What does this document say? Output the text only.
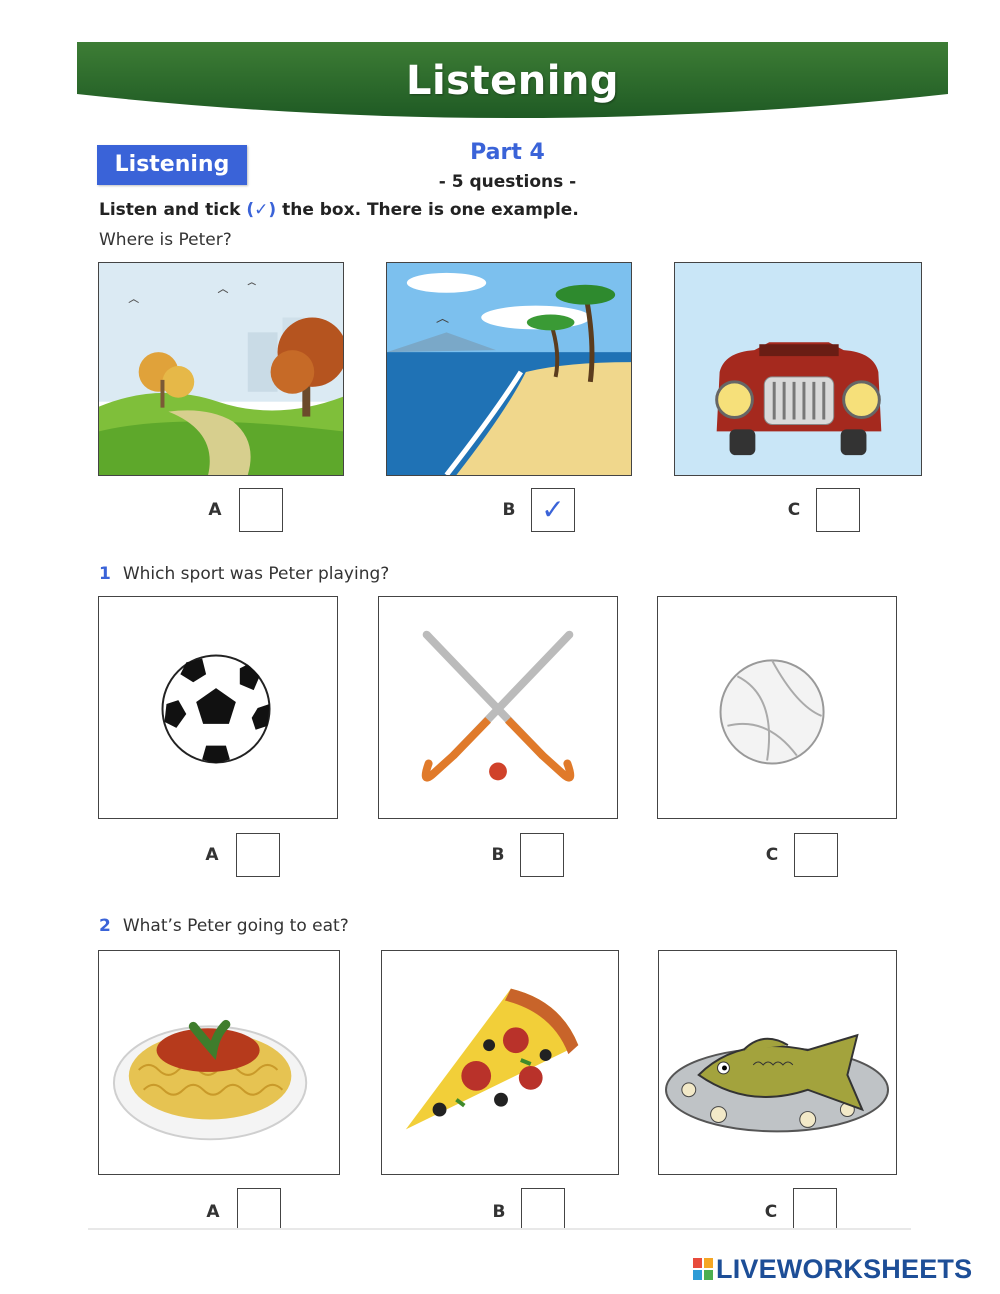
Listening
Listening	Part 4
- 5 questions -
Listen and tick (✓) the box. There is one example.
Where is Peter?
A	B ✓	C
1 Which sport was Peter playing?
A	B	C
2 What’s Peter going to eat?
A	B	C
LIVEWORKSHEETS
